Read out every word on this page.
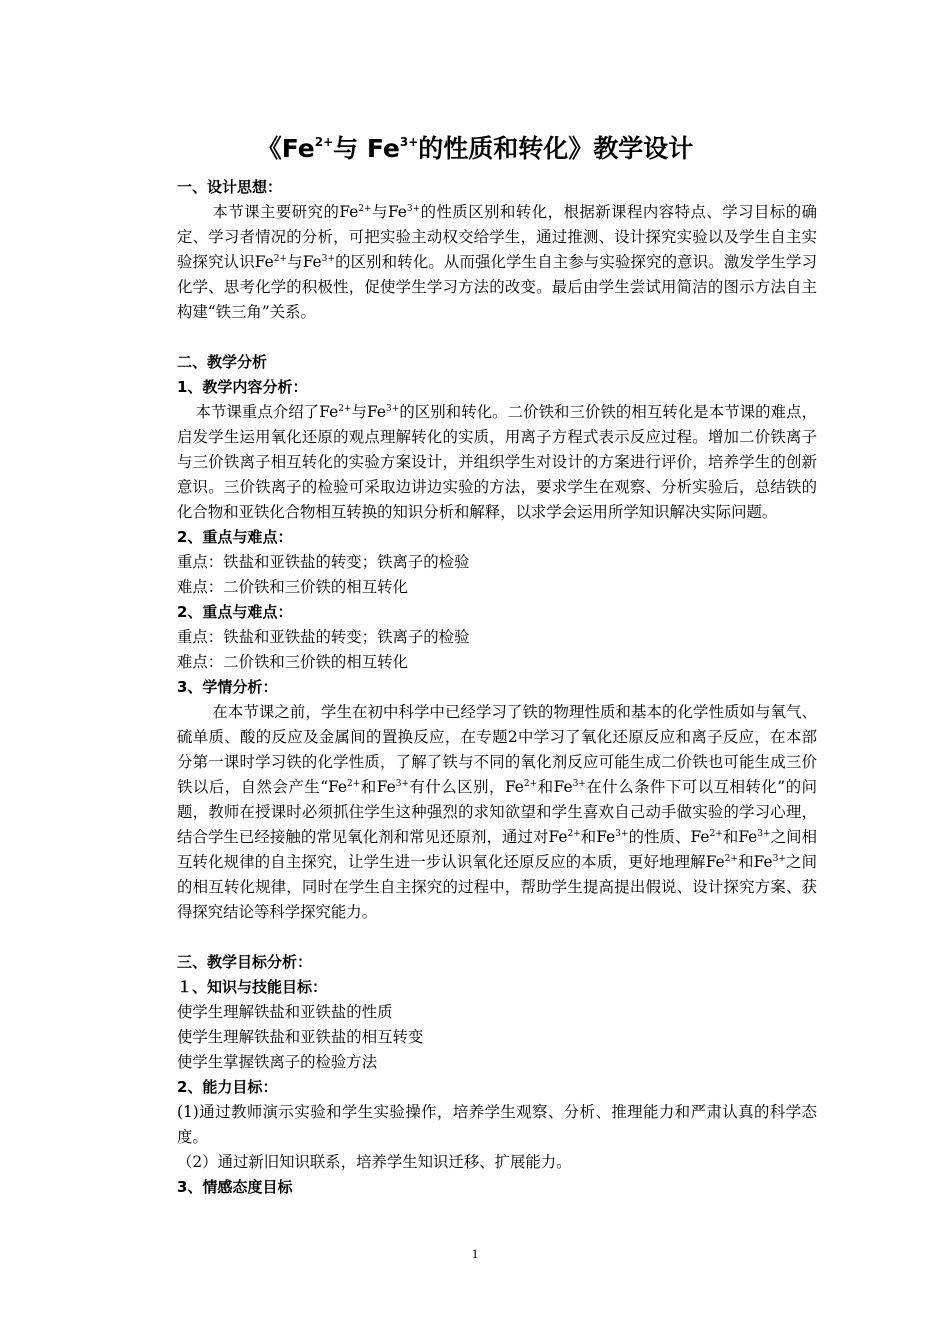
《$Fe^{2+}$与 $Fe^{3+}$的性质和转化》教学设计
一、设计思想：
本节课主要研究的$Fe^{2+}$与$Fe^{3+}$的性质区别和转化，根据新课程内容特点、学习目标的确定、学习者情况的分析，可把实验主动权交给学生，通过推测、设计探究实验以及学生自主实验探究认识$Fe^{2+}$与$Fe^{3+}$的区别和转化。从而强化学生自主参与实验探究的意识。激发学生学习化学、思考化学的积极性，促使学生学习方法的改变。最后由学生尝试用简洁的图示方法自主构建“铁三角”关系。
二、教学分析
1、教学内容分析：
本节课重点介绍了$Fe^{2+}$与$Fe^{3+}$的区别和转化。二价铁和三价铁的相互转化是本节课的难点，启发学生运用氧化还原的观点理解转化的实质，用离子方程式表示反应过程。增加二价铁离子与三价铁离子相互转化的实验方案设计，并组织学生对设计的方案进行评价，培养学生的创新意识。三价铁离子的检验可采取边讲边实验的方法，要求学生在观察、分析实验后，总结铁的化合物和亚铁化合物相互转换的知识分析和解释，以求学会运用所学知识解决实际问题。
2、重点与难点：
重点：铁盐和亚铁盐的转变；铁离子的检验
难点：二价铁和三价铁的相互转化
2、重点与难点：
重点：铁盐和亚铁盐的转变；铁离子的检验
难点：二价铁和三价铁的相互转化
3、学情分析：
在本节课之前，学生在初中科学中已经学习了铁的物理性质和基本的化学性质如与氧气、硫单质、酸的反应及金属间的置换反应，在专题2中学习了氧化还原反应和离子反应，在本部分第一课时学习铁的化学性质，了解了铁与不同的氧化剂反应可能生成二价铁也可能生成三价铁以后，自然会产生“$Fe^{2+}$和$Fe^{3+}$有什么区别，$Fe^{2+}$和$Fe^{3+}$在什么条件下可以互相转化”的问题，教师在授课时必须抓住学生这种强烈的求知欲望和学生喜欢自己动手做实验的学习心理，结合学生已经接触的常见氧化剂和常见还原剂，通过对$Fe^{2+}$和$Fe^{3+}$的性质、$Fe^{2+}$和$Fe^{3+}$之间相互转化规律的自主探究，让学生进一步认识氧化还原反应的本质，更好地理解$Fe^{2+}$和$Fe^{3+}$之间的相互转化规律，同时在学生自主探究的过程中，帮助学生提高提出假说、设计探究方案、获得探究结论等科学探究能力。
三、教学目标分析：
１、知识与技能目标：
使学生理解铁盐和亚铁盐的性质
使学生理解铁盐和亚铁盐的相互转变
使学生掌握铁离子的检验方法
2、能力目标：
(1)通过教师演示实验和学生实验操作，培养学生观察、分析、推理能力和严肃认真的科学态度。
（2）通过新旧知识联系，培养学生知识迁移、扩展能力。
3、情感态度目标
1
